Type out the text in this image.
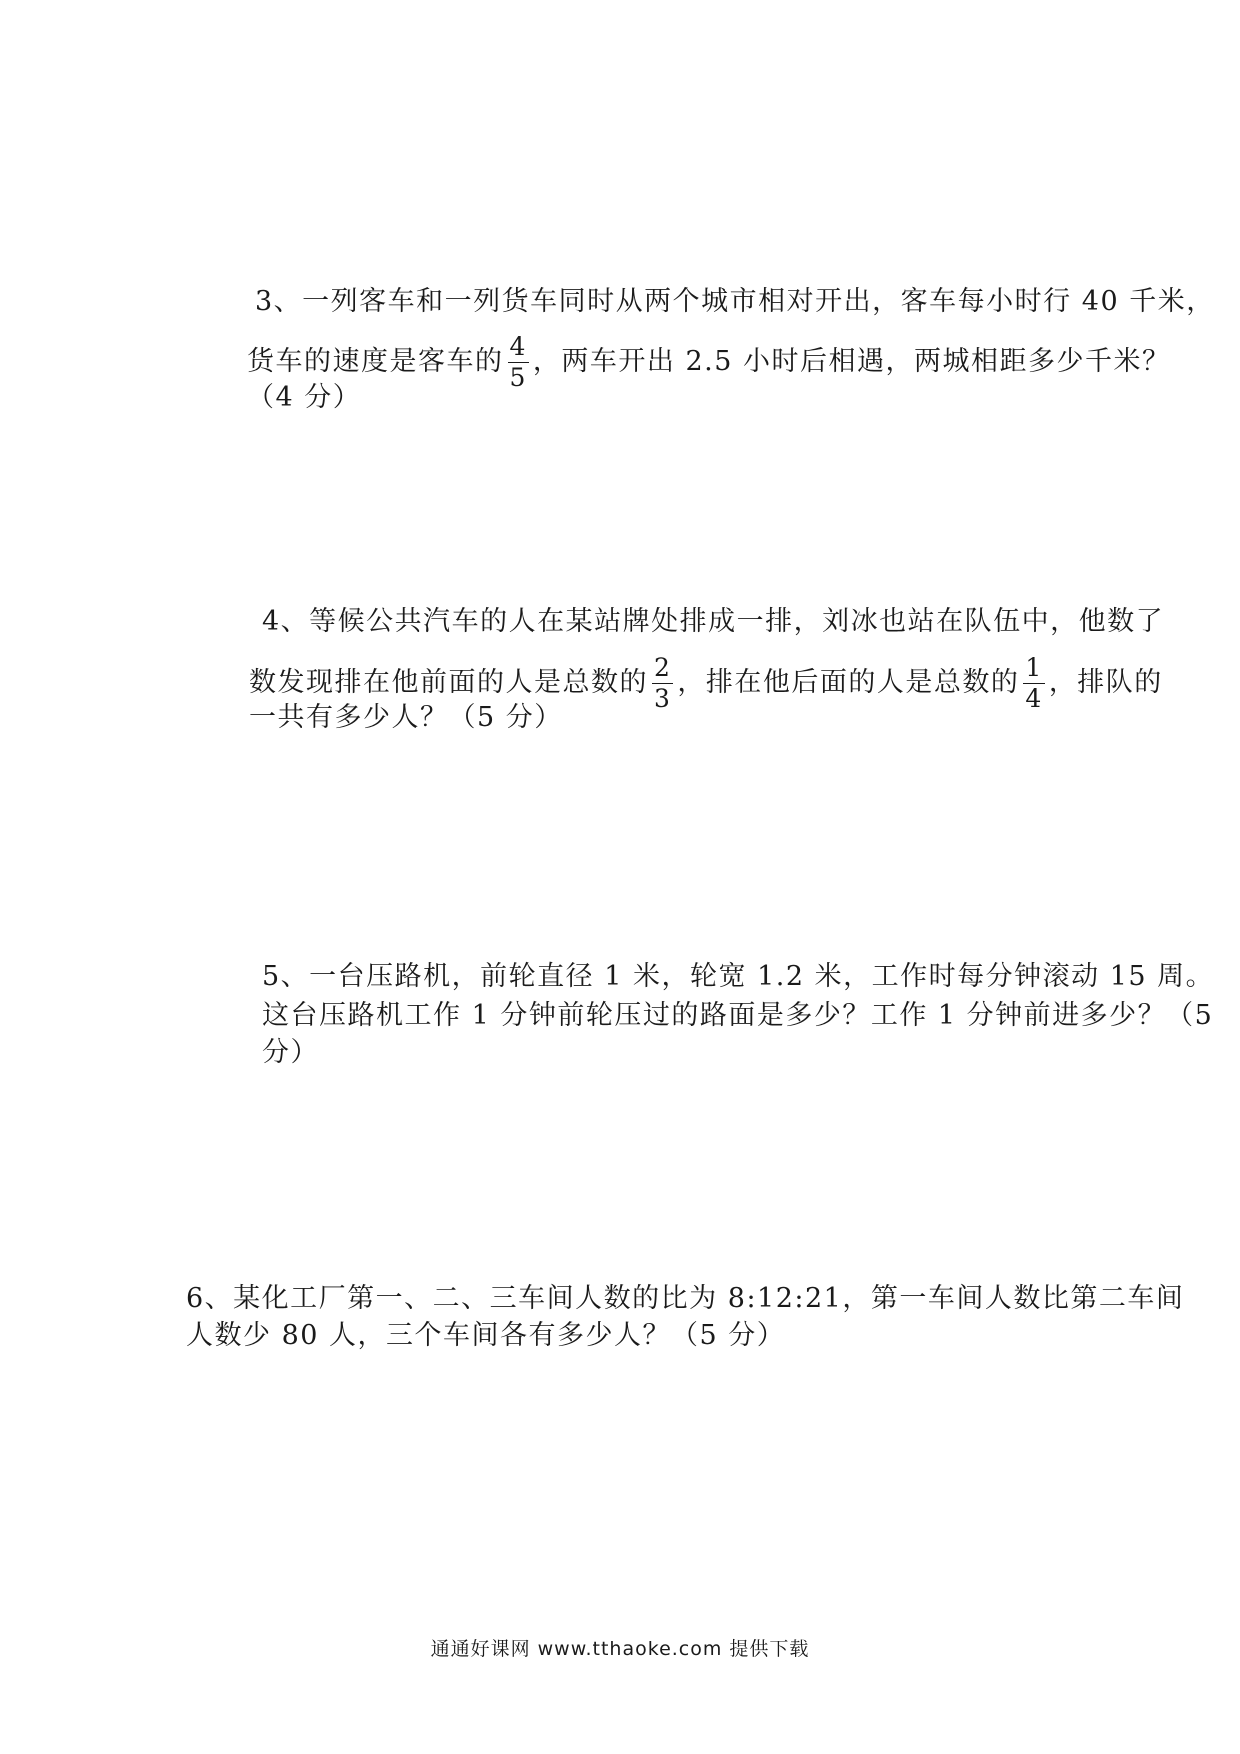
3、一列客车和一列货车同时从两个城市相对开出，客车每小时行 40 千米，
货车的速度是客车的 $\frac{4}{5}$ ，两车开出 2.5 小时后相遇，两城相距多少千米？
（4 分）
4、等候公共汽车的人在某站牌处排成一排，刘冰也站在队伍中，他数了
数发现排在他前面的人是总数的 $\frac{2}{3}$ ，排在他后面的人是总数的 $\frac{1}{4}$ ，排队的
一共有多少人？（5 分）
5、一台压路机，前轮直径 1 米，轮宽 1.2 米，工作时每分钟滚动 15 周。
这台压路机工作 1 分钟前轮压过的路面是多少？工作 1 分钟前进多少？（5
分）
6、某化工厂第一、二、三车间人数的比为 8:12:21，第一车间人数比第二车间
人数少 80 人，三个车间各有多少人？（5 分）
通通好课网 www.tthaoke.com 提供下载
